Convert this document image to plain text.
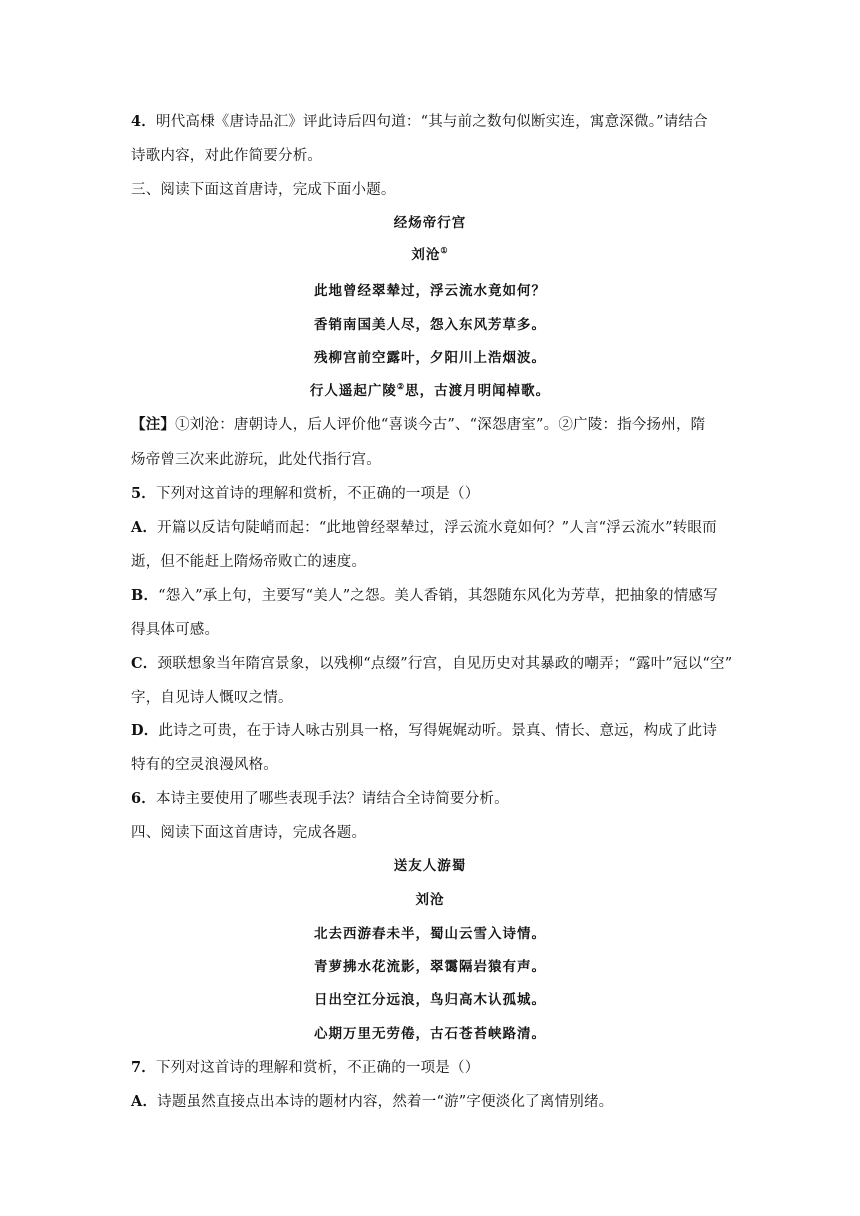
4．明代高棅《唐诗品汇》评此诗后四句道：“其与前之数句似断实连，寓意深微。”请结合
诗歌内容，对此作简要分析。
三、阅读下面这首唐诗，完成下面小题。
经炀帝行宫
刘沧①
此地曾经翠辇过，浮云流水竟如何？
香销南国美人尽，怨入东风芳草多。
残柳宫前空露叶，夕阳川上浩烟波。
行人遥起广陵②思，古渡月明闻棹歌。
【注】①刘沧：唐朝诗人，后人评价他“喜谈今古”、“深怨唐室”。②广陵：指今扬州，隋
炀帝曾三次来此游玩，此处代指行宫。
5．下列对这首诗的理解和赏析，不正确的一项是（）
A．开篇以反诘句陡峭而起：“此地曾经翠辇过，浮云流水竟如何？”人言“浮云流水”转眼而
逝，但不能赶上隋炀帝败亡的速度。
B．“怨入”承上句，主要写“美人”之怨。美人香销，其怨随东风化为芳草，把抽象的情感写
得具体可感。
C．颈联想象当年隋宫景象，以残柳“点缀”行宫，自见历史对其暴政的嘲弄；“露叶”冠以“空”
字，自见诗人慨叹之情。
D．此诗之可贵，在于诗人咏古别具一格，写得娓娓动听。景真、情长、意远，构成了此诗
特有的空灵浪漫风格。
6．本诗主要使用了哪些表现手法？请结合全诗简要分析。
四、阅读下面这首唐诗，完成各题。
送友人游蜀
刘沧
北去西游春未半，蜀山云雪入诗情。
青萝拂水花流影，翠霭隔岩猿有声。
日出空江分远浪，鸟归高木认孤城。
心期万里无劳倦，古石苍苔峡路清。
7．下列对这首诗的理解和赏析，不正确的一项是（）
A．诗题虽然直接点出本诗的题材内容，然着一“游”字便淡化了离情别绪。
